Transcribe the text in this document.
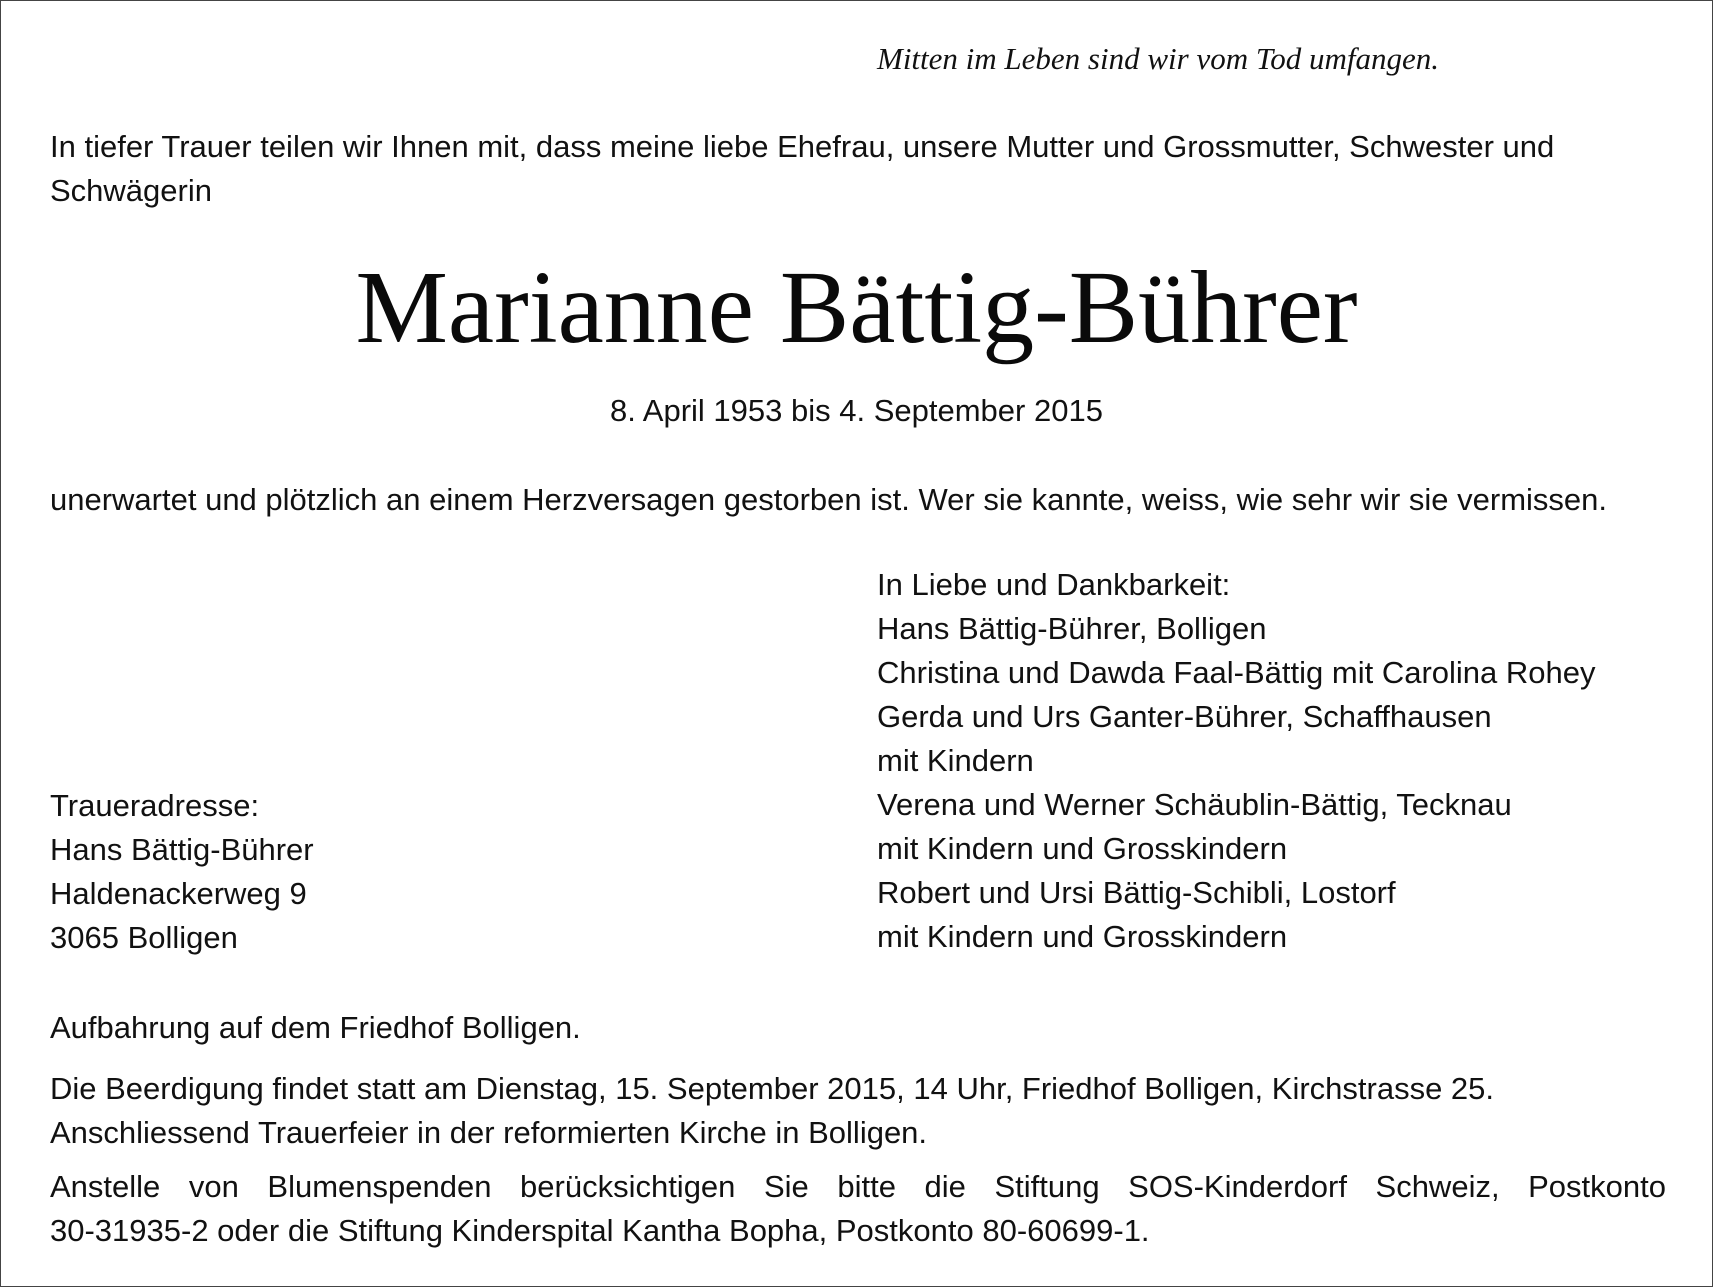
Mitten im Leben sind wir vom Tod umfangen.
In tiefer Trauer teilen wir Ihnen mit, dass meine liebe Ehefrau, unsere Mutter und Grossmutter, Schwester und Schwägerin
Marianne Bättig-Bührer
8. April 1953 bis 4. September 2015
unerwartet und plötzlich an einem Herzversagen gestorben ist. Wer sie kannte, weiss, wie sehr wir sie vermissen.
In Liebe und Dankbarkeit:
Hans Bättig-Bührer, Bolligen
Christina und Dawda Faal-Bättig mit Carolina Rohey
Gerda und Urs Ganter-Bührer, Schaffhausen
mit Kindern
Verena und Werner Schäublin-Bättig, Tecknau
mit Kindern und Grosskindern
Robert und Ursi Bättig-Schibli, Lostorf
mit Kindern und Grosskindern
Traueradresse:
Hans Bättig-Bührer
Haldenackerweg 9
3065 Bolligen
Aufbahrung auf dem Friedhof Bolligen.
Die Beerdigung findet statt am Dienstag, 15. September 2015, 14 Uhr, Friedhof Bolligen, Kirchstrasse 25.
Anschliessend Trauerfeier in der reformierten Kirche in Bolligen.
Anstelle von Blumenspenden berücksichtigen Sie bitte die Stiftung SOS-Kinderdorf Schweiz, Postkonto
30-31935-2 oder die Stiftung Kinderspital Kantha Bopha, Postkonto 80-60699-1.
